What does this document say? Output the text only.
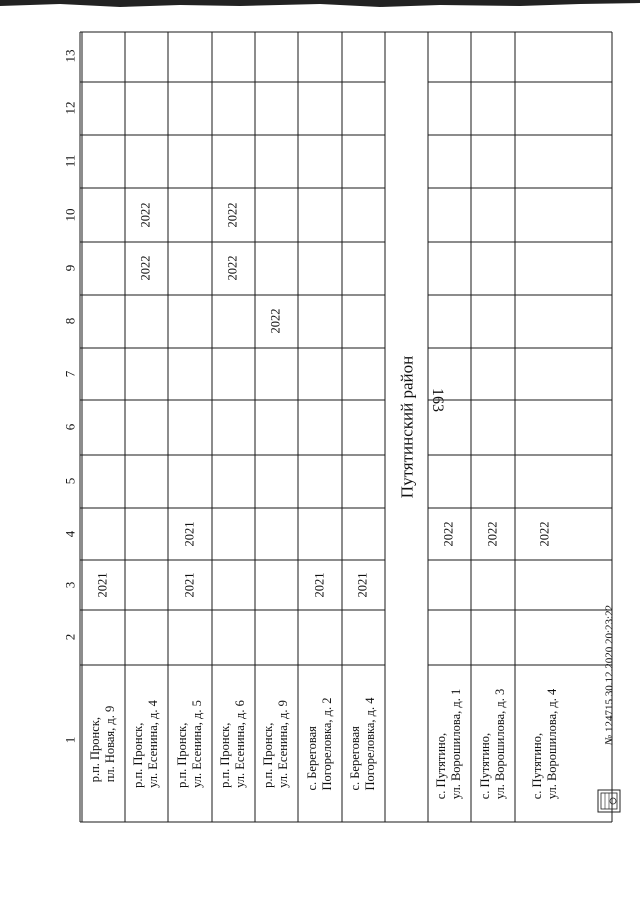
163
1
2
3
4
5
6
7
8
9
10
11
12
13
р.п. Пронск, пл. Новая, д. 9
2021
р.п. Пронск, ул. Есенина, д. 4
2022
2022
р.п. Пронск, ул. Есенина, д. 5
2021
2021
р.п. Пронск, ул. Есенина, д. 6
2022
2022
р.п. Пронск, ул. Есенина, д. 9
2022
с. Береговая Погореловка, д. 2
2021
с. Береговая Погореловка, д. 4
2021
Путятинский район
с. Путятино, ул. Ворошилова, д. 1
2022
с. Путятино, ул. Ворошилова, д. 3
2022
с. Путятино, ул. Ворошилова, д. 4
2022
№ 124715 30.12.2020 20:23:22
